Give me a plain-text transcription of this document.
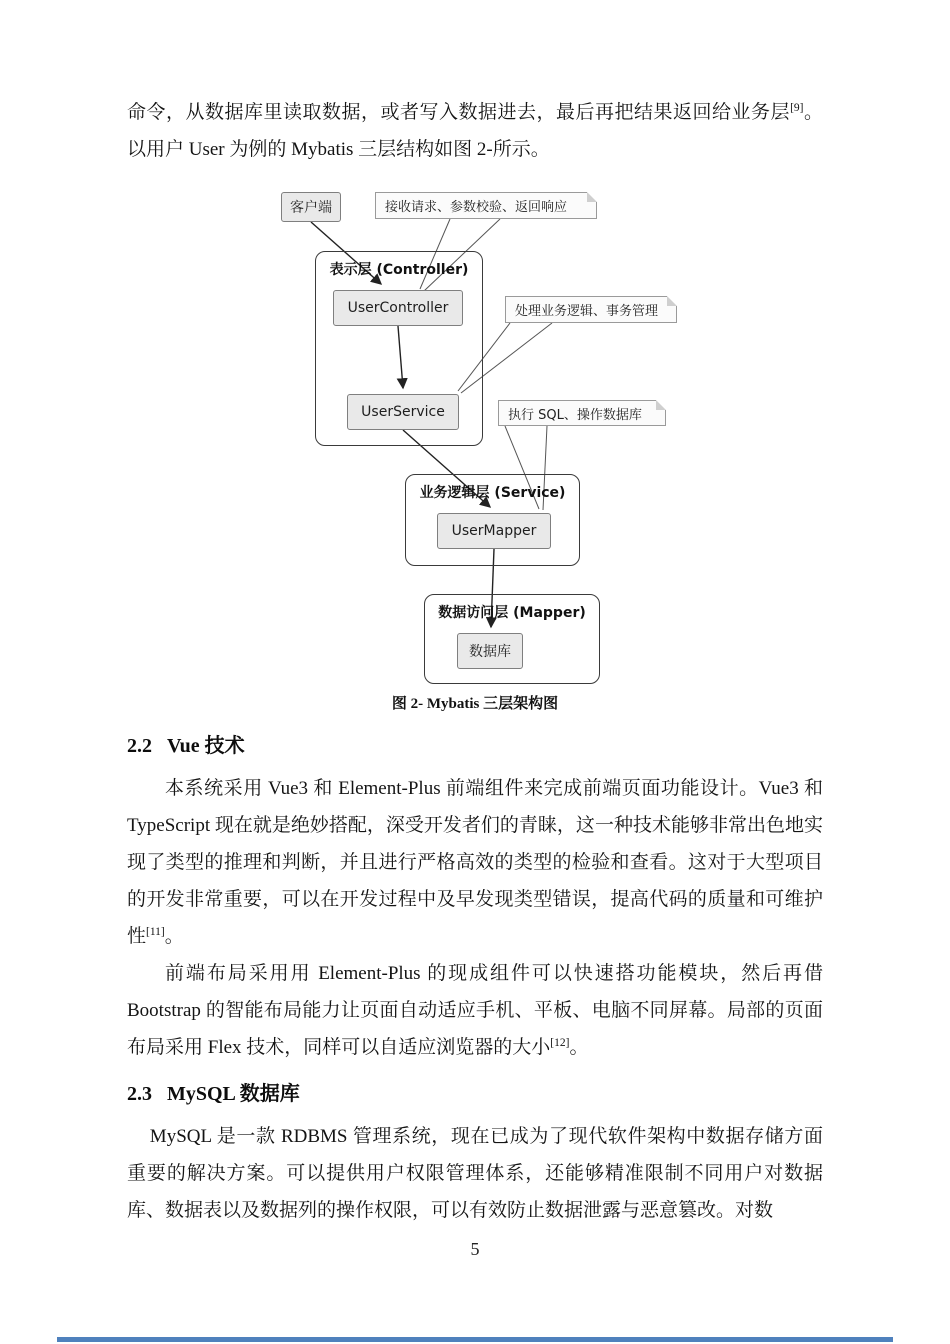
命令，从数据库里读取数据，或者写入数据进去，最后再把结果返回给业务层[9]。以用户 User 为例的 Mybatis 三层结构如图 2-所示。

表示层 (Controller)
业务逻辑层 (Service)
数据访问层 (Mapper)
客户端
UserController
UserService
UserMapper
数据库
接收请求、参数校验、返回响应
处理业务逻辑、事务管理
执行 SQL、操作数据库
图 2- Mybatis 三层架构图
2.2 Vue 技术

本系统采用 Vue3 和 Element-Plus 前端组件来完成前端页面功能设计。Vue3 和 TypeScript 现在就是绝妙搭配，深受开发者们的青睐，这一种技术能够非常出色地实现了类型的推理和判断，并且进行严格高效的类型的检验和查看。这对于大型项目的开发非常重要，可以在开发过程中及早发现类型错误，提高代码的质量和可维护性[11]。

前端布局采用用 Element-Plus 的现成组件可以快速搭功能模块，然后再借 Bootstrap 的智能布局能力让页面自动适应手机、平板、电脑不同屏幕。局部的页面布局采用 Flex 技术，同样可以自适应浏览器的大小[12]。

2.3 MySQL 数据库

MySQL 是一款 RDBMS 管理系统，现在已成为了现代软件架构中数据存储方面重要的解决方案。可以提供用户权限管理体系，还能够精准限制不同用户对数据库、数据表以及数据列的操作权限，可以有效防止数据泄露与恶意篡改。对数

5
